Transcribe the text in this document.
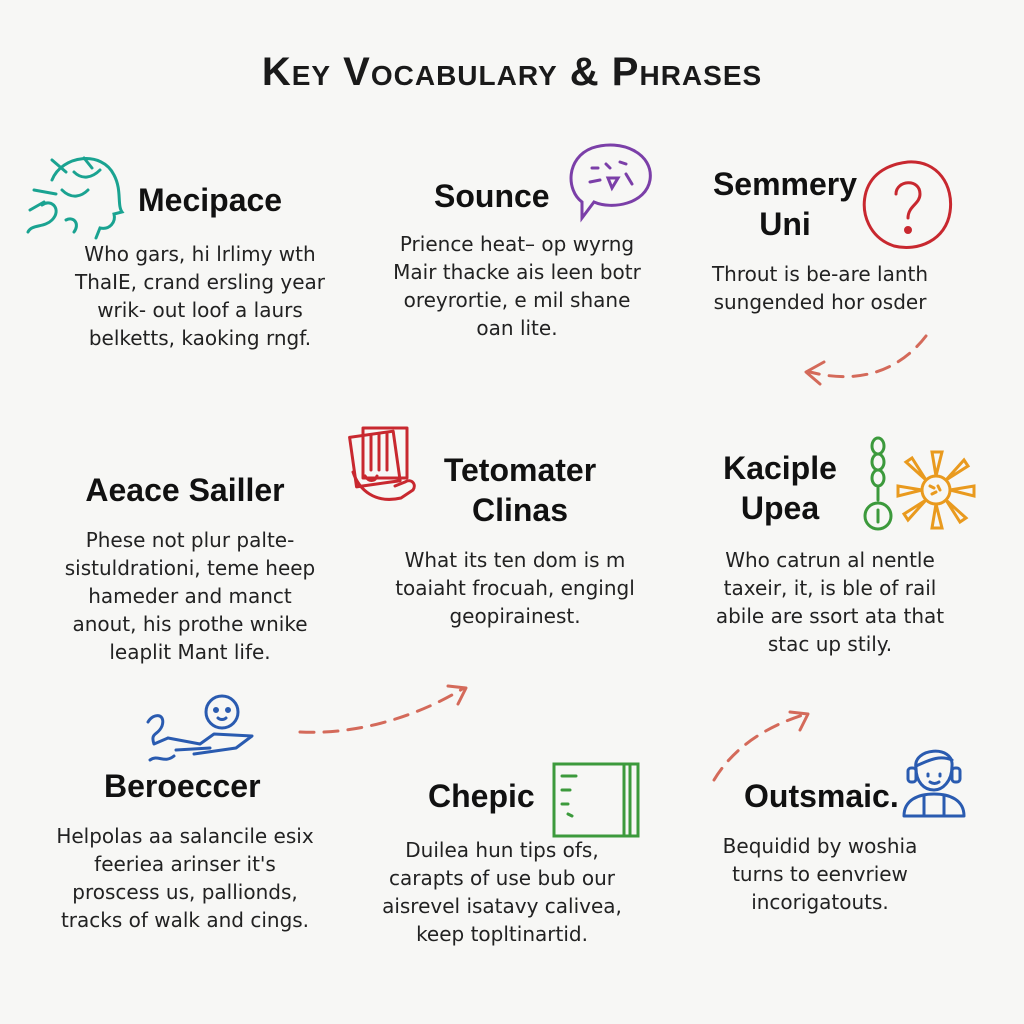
Key Vocabulary & Phrases
Mecipace
Who gars, hi lrlimy wth
ThaIE, crand ersling year
wrik- out loof a laurs
belketts, kaoking rngf.
Sounce
Prience heat– op wyrng
Mair thacke ais leen botr
oreyrortie, e mil shane
oan lite.
Semmery
Uni
Throut is be-are lanth
sungended hor osder
Aeace Sailler
Phese not plur palte-
sistuldrationi, teme heep
hameder and manct
anout, his prothe wnike
leaplit Mant life.
Tetomater
Clinas
What its ten dom is m
toaiaht frocuah, engingl
geopirainest.
Kaciple
Upea
Who catrun al nentle
taxeir, it, is ble of rail
abile are ssort ata that
stac up stily.
Beroeccer
Helpolas aa salancile esix
feeriea arinser it's
proscess us, pallionds,
tracks of walk and cings.
Chepic
Duilea hun tips ofs,
carapts of use bub our
aisrevel isatavy calivea,
keep topltinartid.
Outsmaic.
Bequidid by woshia
turns to eenvriew
incorigatouts.
